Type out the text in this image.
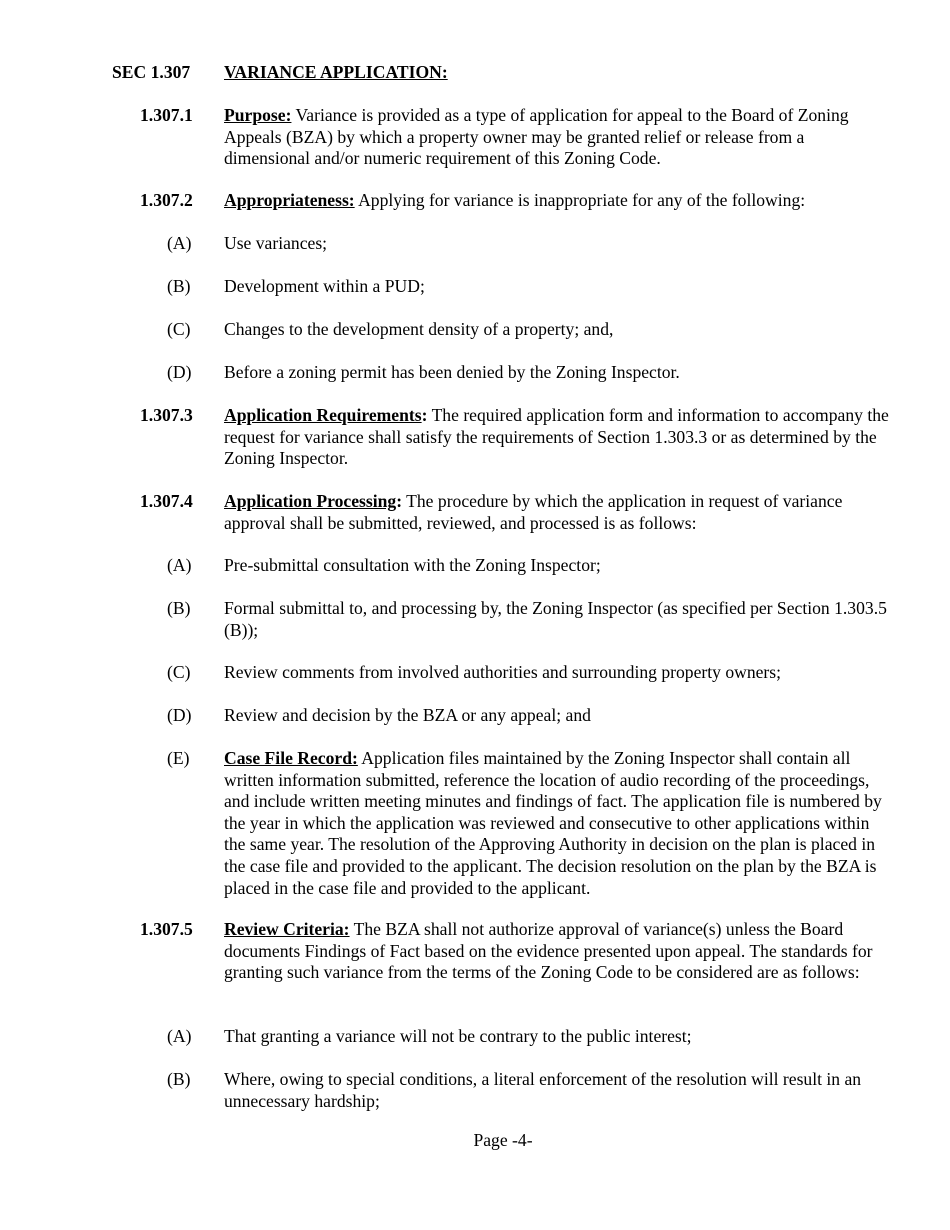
SEC 1.307 VARIANCE APPLICATION:
1.307.1 Purpose: Variance is provided as a type of application for appeal to the Board of Zoning Appeals (BZA) by which a property owner may be granted relief or release from a dimensional and/or numeric requirement of this Zoning Code.
1.307.2 Appropriateness: Applying for variance is inappropriate for any of the following:
(A) Use variances;
(B) Development within a PUD;
(C) Changes to the development density of a property; and,
(D) Before a zoning permit has been denied by the Zoning Inspector.
1.307.3 Application Requirements: The required application form and information to accompany the request for variance shall satisfy the requirements of Section 1.303.3 or as determined by the Zoning Inspector.
1.307.4 Application Processing: The procedure by which the application in request of variance approval shall be submitted, reviewed, and processed is as follows:
(A) Pre-submittal consultation with the Zoning Inspector;
(B) Formal submittal to, and processing by, the Zoning Inspector (as specified per Section 1.303.5 (B));
(C) Review comments from involved authorities and surrounding property owners;
(D) Review and decision by the BZA or any appeal; and
(E) Case File Record: Application files maintained by the Zoning Inspector shall contain all written information submitted, reference the location of audio recording of the proceedings, and include written meeting minutes and findings of fact. The application file is numbered by the year in which the application was reviewed and consecutive to other applications within the same year. The resolution of the Approving Authority in decision on the plan is placed in the case file and provided to the applicant. The decision resolution on the plan by the BZA is placed in the case file and provided to the applicant.
1.307.5 Review Criteria: The BZA shall not authorize approval of variance(s) unless the Board documents Findings of Fact based on the evidence presented upon appeal. The standards for granting such variance from the terms of the Zoning Code to be considered are as follows:
(A) That granting a variance will not be contrary to the public interest;
(B) Where, owing to special conditions, a literal enforcement of the resolution will result in an unnecessary hardship;
Page -4-
